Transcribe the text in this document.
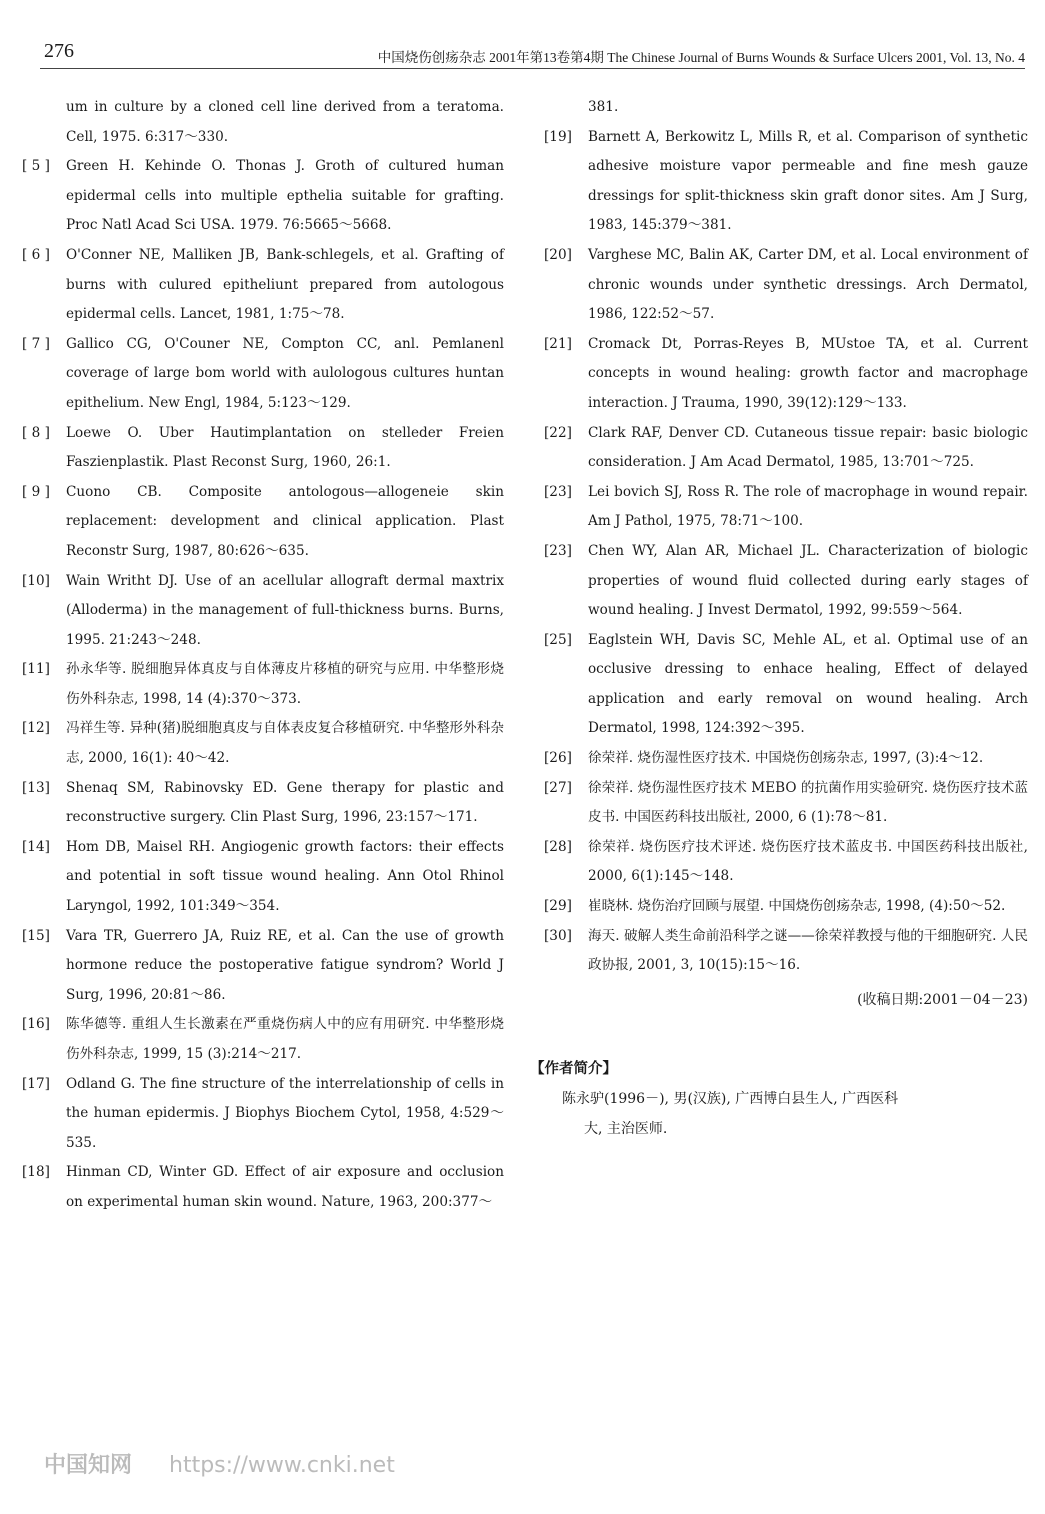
276	中国烧伤创疡杂志 2001年第13卷第4期 The Chinese Journal of Burns Wounds & Surface Ulcers 2001, Vol. 13, No. 4
um in culture by a cloned cell line derived from a teratoma. Cell, 1975. 6:317～330.
[ 5 ]	Green H. Kehinde O. Thonas J. Groth of cultured human epidermal cells into multiple epthelia suitable for grafting. Proc Natl Acad Sci USA. 1979. 76:5665～5668.
[ 6 ]	O'Conner NE, Malliken JB, Bank-schlegels, et al. Grafting of burns with culured epitheliunt prepared from autologous epidermal cells. Lancet, 1981, 1:75～78.
[ 7 ]	Gallico CG, O'Couner NE, Compton CC, anl. Pemlanenl coverage of large bom world with aulologous cultures huntan epithelium. New Engl, 1984, 5:123～129.
[ 8 ]	Loewe O. Uber Hautimplantation on stelleder Freien Faszienplastik. Plast Reconst Surg, 1960, 26:1.
[ 9 ]	Cuono CB. Composite antologous—allogeneie skin replacement: development and clinical application. Plast Reconstr Surg, 1987, 80:626～635.
[10]	Wain Writht DJ. Use of an acellular allograft dermal maxtrix (Alloderma) in the management of full-thickness burns. Burns, 1995. 21:243～248.
[11]	孙永华等. 脱细胞异体真皮与自体薄皮片移植的研究与应用. 中华整形烧伤外科杂志, 1998, 14 (4):370～373.
[12]	冯祥生等. 异种(猪)脱细胞真皮与自体表皮复合移植研究. 中华整形外科杂志, 2000, 16(1): 40～42.
[13]	Shenaq SM, Rabinovsky ED. Gene therapy for plastic and reconstructive surgery. Clin Plast Surg, 1996, 23:157～171.
[14]	Hom DB, Maisel RH. Angiogenic growth factors: their effects and potential in soft tissue wound healing. Ann Otol Rhinol Laryngol, 1992, 101:349～354.
[15]	Vara TR, Guerrero JA, Ruiz RE, et al. Can the use of growth hormone reduce the postoperative fatigue syndrom? World J Surg, 1996, 20:81～86.
[16]	陈华德等. 重组人生长激素在严重烧伤病人中的应有用研究. 中华整形烧伤外科杂志, 1999, 15 (3):214～217.
[17]	Odland G. The fine structure of the interrelationship of cells in the human epidermis. J Biophys Biochem Cytol, 1958, 4:529～535.
[18]	Hinman CD, Winter GD. Effect of air exposure and occlusion on experimental human skin wound. Nature, 1963, 200:377～
381.
[19]	Barnett A, Berkowitz L, Mills R, et al. Comparison of synthetic adhesive moisture vapor permeable and fine mesh gauze dressings for split-thickness skin graft donor sites. Am J Surg, 1983, 145:379～381.
[20]	Varghese MC, Balin AK, Carter DM, et al. Local environment of chronic wounds under synthetic dressings. Arch Dermatol, 1986, 122:52～57.
[21]	Cromack Dt, Porras-Reyes B, MUstoe TA, et al. Current concepts in wound healing: growth factor and macrophage interaction. J Trauma, 1990, 39(12):129～133.
[22]	Clark RAF, Denver CD. Cutaneous tissue repair: basic biologic consideration. J Am Acad Dermatol, 1985, 13:701～725.
[23]	Lei bovich SJ, Ross R. The role of macrophage in wound repair. Am J Pathol, 1975, 78:71～100.
[23]	Chen WY, Alan AR, Michael JL. Characterization of biologic properties of wound fluid collected during early stages of wound healing. J Invest Dermatol, 1992, 99:559～564.
[25]	Eaglstein WH, Davis SC, Mehle AL, et al. Optimal use of an occlusive dressing to enhace healing, Effect of delayed application and early removal on wound healing. Arch Dermatol, 1998, 124:392～395.
[26]	徐荣祥. 烧伤湿性医疗技术. 中国烧伤创疡杂志, 1997, (3):4～12.
[27]	徐荣祥. 烧伤湿性医疗技术 MEBO 的抗菌作用实验研究. 烧伤医疗技术蓝皮书. 中国医药科技出版社, 2000, 6 (1):78～81.
[28]	徐荣祥. 烧伤医疗技术评述. 烧伤医疗技术蓝皮书. 中国医药科技出版社, 2000, 6(1):145～148.
[29]	崔晓林. 烧伤治疗回顾与展望. 中国烧伤创疡杂志, 1998, (4):50～52.
[30]	海天. 破解人类生命前沿科学之谜——徐荣祥教授与他的干细胞研究. 人民政协报, 2001, 3, 10(15):15～16.
(收稿日期:2001－04－23)
【作者简介】
陈永驴(1996－), 男(汉族), 广西博白县生人, 广西医科
大, 主治医师.
中国知网 https://www.cnki.net
